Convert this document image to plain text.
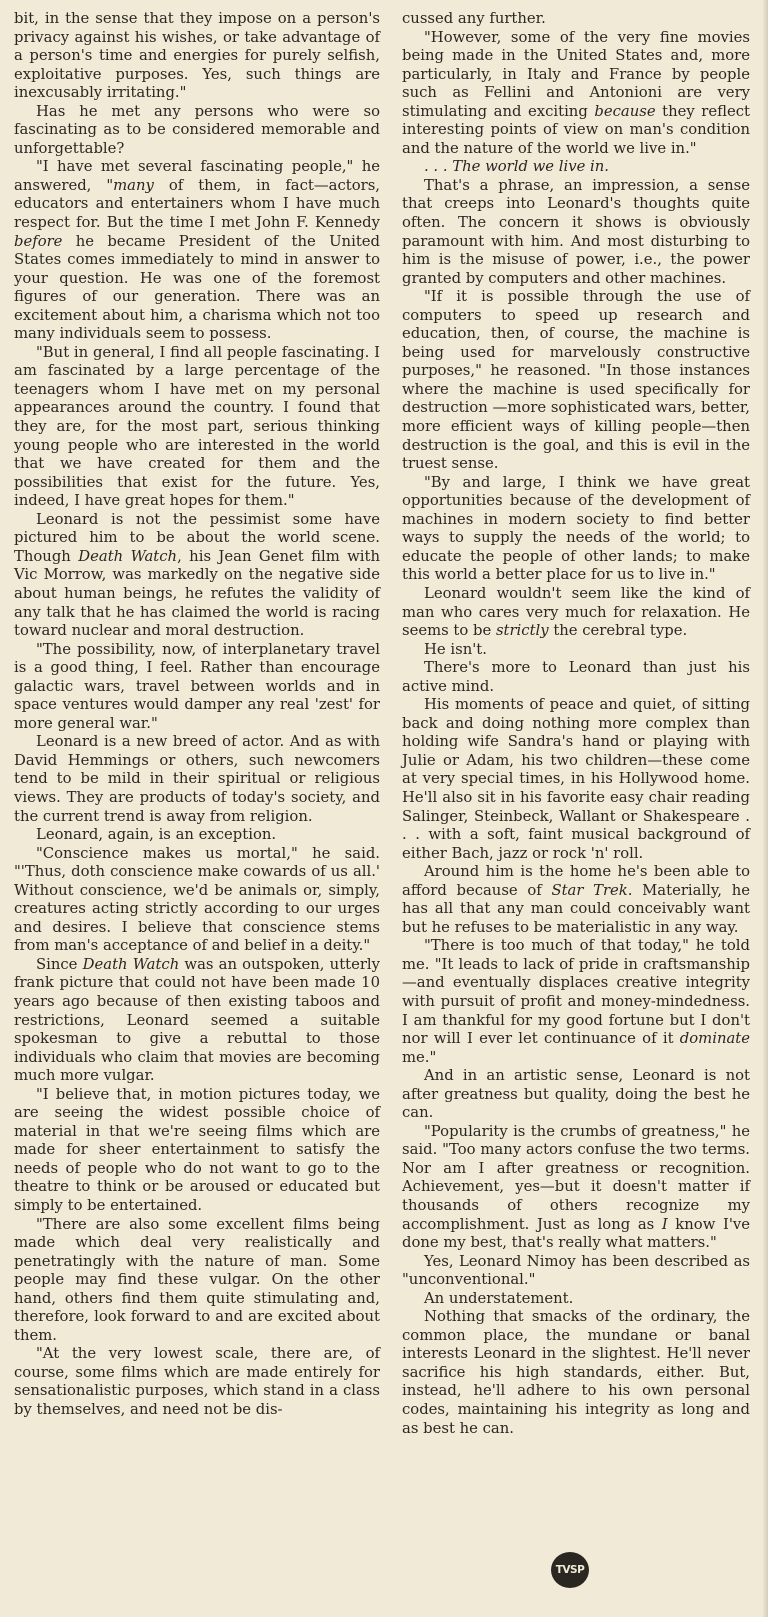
bit, in the sense that they impose on a person's privacy against his wishes, or take advantage of a person's time and energies for purely selfish, exploitative purposes. Yes, such things are inexcusably irritating."

Has he met any persons who were so fascinating as to be considered memorable and unforgettable?

"I have met several fascinating people," he answered, "many of them, in fact—actors, educators and entertainers whom I have much respect for. But the time I met John F. Kennedy before he became President of the United States comes immediately to mind in answer to your question. He was one of the foremost figures of our generation. There was an excitement about him, a charisma which not too many individuals seem to possess.

"But in general, I find all people fascinating. I am fascinated by a large percentage of the teenagers whom I have met on my personal appearances around the country. I found that they are, for the most part, serious thinking young people who are interested in the world that we have created for them and the possibilities that exist for the future. Yes, indeed, I have great hopes for them."

Leonard is not the pessimist some have pictured him to be about the world scene. Though Death Watch, his Jean Genet film with Vic Morrow, was markedly on the negative side about human beings, he refutes the validity of any talk that he has claimed the world is racing toward nuclear and moral destruction.

"The possibility, now, of interplanetary travel is a good thing, I feel. Rather than encourage galactic wars, travel between worlds and in space ventures would damper any real 'zest' for more general war."

Leonard is a new breed of actor. And as with David Hemmings or others, such newcomers tend to be mild in their spiritual or religious views. They are products of today's society, and the current trend is away from religion.

Leonard, again, is an exception.

"Conscience makes us mortal," he said. "'Thus, doth conscience make cowards of us all.' Without conscience, we'd be animals or, simply, creatures acting strictly according to our urges and desires. I believe that conscience stems from man's acceptance of and belief in a deity."

Since Death Watch was an outspoken, utterly frank picture that could not have been made 10 years ago because of then existing taboos and restrictions, Leonard seemed a suitable spokesman to give a rebuttal to those individuals who claim that movies are becoming much more vulgar.

"I believe that, in motion pictures today, we are seeing the widest possible choice of material in that we're seeing films which are made for sheer entertainment to satisfy the needs of people who do not want to go to the theatre to think or be aroused or educated but simply to be entertained.

"There are also some excellent films being made which deal very realistically and penetratingly with the nature of man. Some people may find these vulgar. On the other hand, others find them quite stimulating and, therefore, look forward to and are excited about them.

"At the very lowest scale, there are, of course, some films which are made entirely for sensationalistic purposes, which stand in a class by themselves, and need not be dis-

cussed any further.

"However, some of the very fine movies being made in the United States and, more particularly, in Italy and France by people such as Fellini and Antonioni are very stimulating and exciting because they reflect interesting points of view on man's condition and the nature of the world we live in."

. . . The world we live in.

That's a phrase, an impression, a sense that creeps into Leonard's thoughts quite often. The concern it shows is obviously paramount with him. And most disturbing to him is the misuse of power, i.e., the power granted by computers and other machines.

"If it is possible through the use of computers to speed up research and education, then, of course, the machine is being used for marvelously constructive purposes," he reasoned. "In those instances where the machine is used specifically for destruction —more sophisticated wars, better, more efficient ways of killing people—then destruction is the goal, and this is evil in the truest sense.

"By and large, I think we have great opportunities because of the development of machines in modern society to find better ways to supply the needs of the world; to educate the people of other lands; to make this world a better place for us to live in."

Leonard wouldn't seem like the kind of man who cares very much for relaxation. He seems to be strictly the cerebral type.

He isn't.

There's more to Leonard than just his active mind.

His moments of peace and quiet, of sitting back and doing nothing more complex than holding wife Sandra's hand or playing with Julie or Adam, his two children—these come at very special times, in his Hollywood home. He'll also sit in his favorite easy chair reading Salinger, Steinbeck, Wallant or Shakespeare . . . with a soft, faint musical background of either Bach, jazz or rock 'n' roll.

Around him is the home he's been able to afford because of Star Trek. Materially, he has all that any man could conceivably want but he refuses to be materialistic in any way.

"There is too much of that today," he told me. "It leads to lack of pride in craftsmanship—and eventually displaces creative integrity with pursuit of profit and money-mindedness. I am thankful for my good fortune but I don't nor will I ever let continuance of it dominate me."

And in an artistic sense, Leonard is not after greatness but quality, doing the best he can.

"Popularity is the crumbs of greatness," he said. "Too many actors confuse the two terms. Nor am I after greatness or recognition. Achievement, yes—but it doesn't matter if thousands of others recognize my accomplishment. Just as long as I know I've done my best, that's really what matters."

Yes, Leonard Nimoy has been described as "unconventional."

An understatement.

Nothing that smacks of the ordinary, the common place, the mundane or banal interests Leonard in the slightest. He'll never sacrifice his high standards, either. But, instead, he'll adhere to his own personal codes, maintaining his integrity as long and as best he can.

TVSP
